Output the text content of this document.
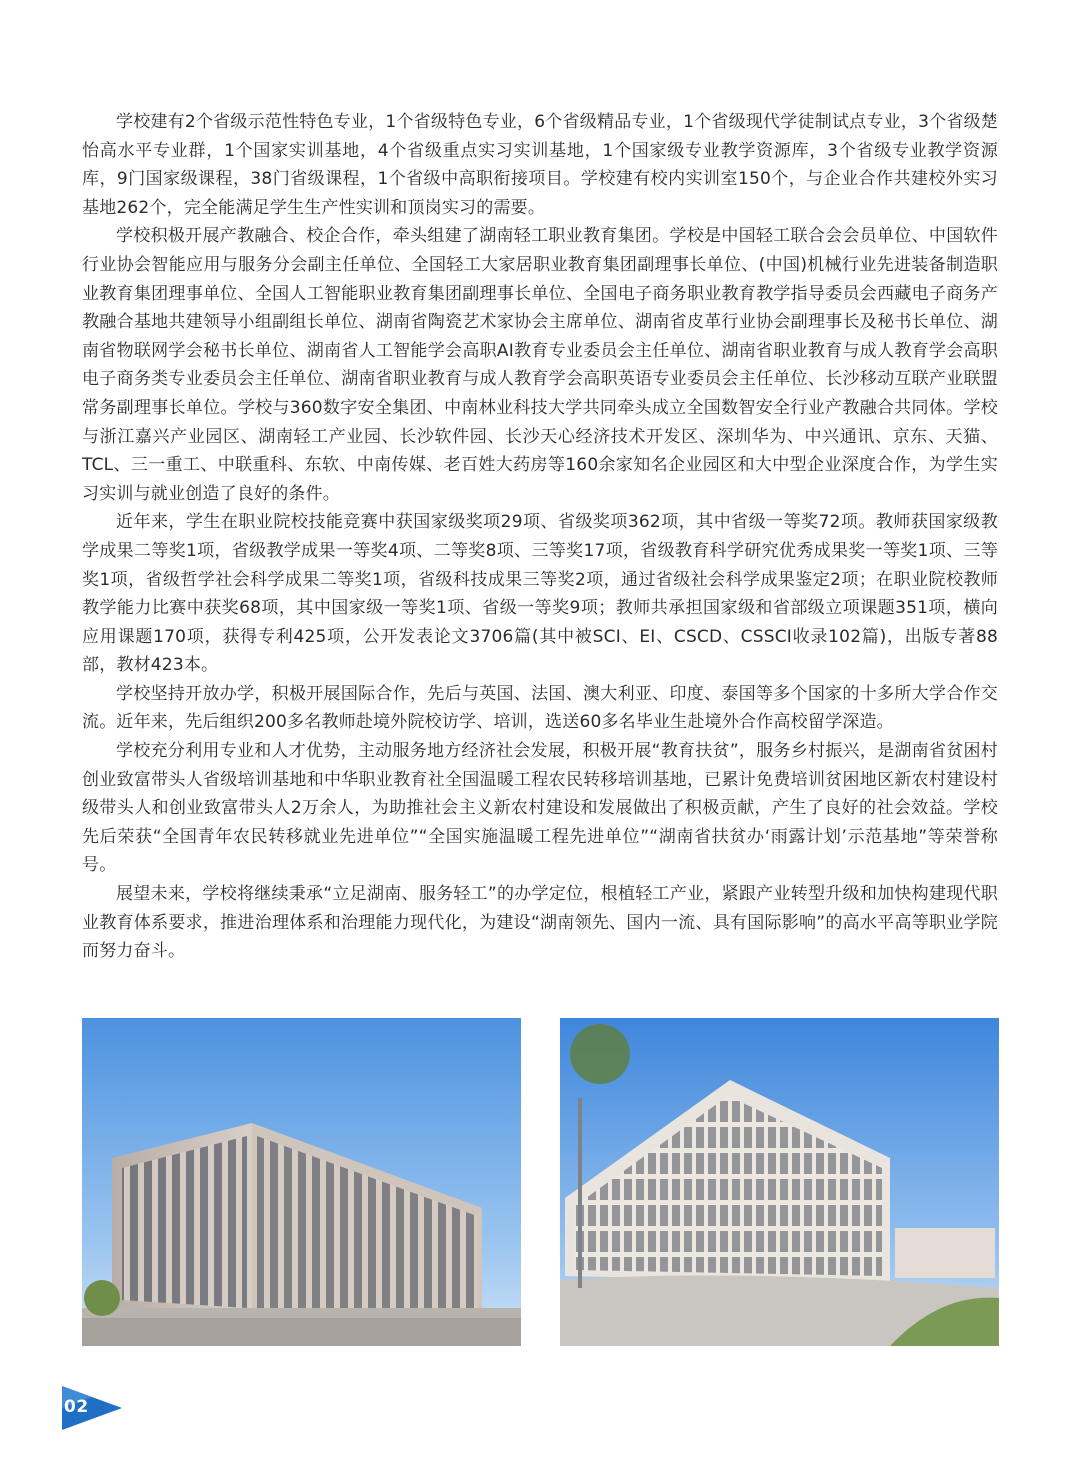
学校建有2个省级示范性特色专业，1个省级特色专业，6个省级精品专业，1个省级现代学徒制试点专业，3个省级楚怡高水平专业群，1个国家实训基地，4个省级重点实习实训基地，1个国家级专业教学资源库，3个省级专业教学资源库，9门国家级课程，38门省级课程，1个省级中高职衔接项目。学校建有校内实训室150个，与企业合作共建校外实习基地262个，完全能满足学生生产性实训和顶岗实习的需要。

学校积极开展产教融合、校企合作，牵头组建了湖南轻工职业教育集团。学校是中国轻工联合会会员单位、中国软件行业协会智能应用与服务分会副主任单位、全国轻工大家居职业教育集团副理事长单位、(中国)机械行业先进装备制造职业教育集团理事单位、全国人工智能职业教育集团副理事长单位、全国电子商务职业教育教学指导委员会西藏电子商务产教融合基地共建领导小组副组长单位、湖南省陶瓷艺术家协会主席单位、湖南省皮革行业协会副理事长及秘书长单位、湖南省物联网学会秘书长单位、湖南省人工智能学会高职AI教育专业委员会主任单位、湖南省职业教育与成人教育学会高职电子商务类专业委员会主任单位、湖南省职业教育与成人教育学会高职英语专业委员会主任单位、长沙移动互联产业联盟常务副理事长单位。学校与360数字安全集团、中南林业科技大学共同牵头成立全国数智安全行业产教融合共同体。学校与浙江嘉兴产业园区、湖南轻工产业园、长沙软件园、长沙天心经济技术开发区、深圳华为、中兴通讯、京东、天猫、TCL、三一重工、中联重科、东软、中南传媒、老百姓大药房等160余家知名企业园区和大中型企业深度合作，为学生实习实训与就业创造了良好的条件。

近年来，学生在职业院校技能竞赛中获国家级奖项29项、省级奖项362项，其中省级一等奖72项。教师获国家级教学成果二等奖1项，省级教学成果一等奖4项、二等奖8项、三等奖17项，省级教育科学研究优秀成果奖一等奖1项、三等奖1项，省级哲学社会科学成果二等奖1项，省级科技成果三等奖2项，通过省级社会科学成果鉴定2项；在职业院校教师教学能力比赛中获奖68项，其中国家级一等奖1项、省级一等奖9项；教师共承担国家级和省部级立项课题351项，横向应用课题170项，获得专利425项，公开发表论文3706篇(其中被SCI、EI、CSCD、CSSCI收录102篇)，出版专著88部，教材423本。

学校坚持开放办学，积极开展国际合作，先后与英国、法国、澳大利亚、印度、泰国等多个国家的十多所大学合作交流。近年来，先后组织200多名教师赴境外院校访学、培训，选送60多名毕业生赴境外合作高校留学深造。

学校充分利用专业和人才优势，主动服务地方经济社会发展，积极开展“教育扶贫”，服务乡村振兴，是湖南省贫困村创业致富带头人省级培训基地和中华职业教育社全国温暖工程农民转移培训基地，已累计免费培训贫困地区新农村建设村级带头人和创业致富带头人2万余人，为助推社会主义新农村建设和发展做出了积极贡献，产生了良好的社会效益。学校先后荣获“全国青年农民转移就业先进单位”“全国实施温暖工程先进单位”“湖南省扶贫办‘雨露计划’示范基地”等荣誉称号。

展望未来，学校将继续秉承“立足湖南、服务轻工”的办学定位，根植轻工产业，紧跟产业转型升级和加快构建现代职业教育体系要求，推进治理体系和治理能力现代化，为建设“湖南领先、国内一流、具有国际影响”的高水平高等职业学院而努力奋斗。

02
